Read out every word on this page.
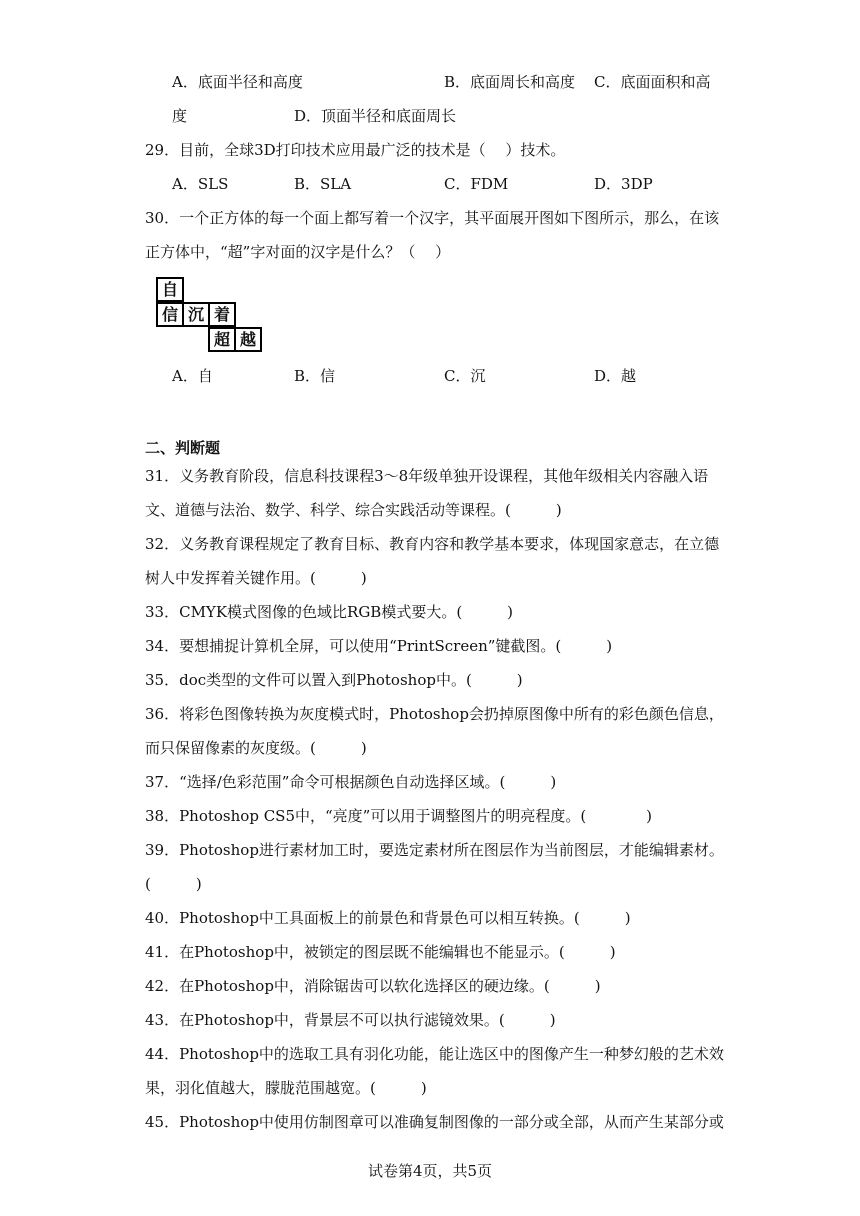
A．底面半径和高度	B．底面周长和高度 C．底面面积和高
度	D．顶面半径和底面周长
29．目前，全球3D打印技术应用最广泛的技术是（　 ）技术。
A．SLS	B．SLA	C．FDM	D．3DP
30．一个正方体的每一个面上都写着一个汉字，其平面展开图如下图所示，那么，在该
正方体中，“超”字对面的汉字是什么？（　 ）
自
信 沉 着
超 越
A．自	B．信	C．沉	D．越
二、判断题
31．义务教育阶段，信息科技课程3～8年级单独开设课程，其他年级相关内容融入语
文、道德与法治、数学、科学、综合实践活动等课程。(　　　)
32．义务教育课程规定了教育目标、教育内容和教学基本要求，体现国家意志，在立德
树人中发挥着关键作用。(　　　)
33．CMYK模式图像的色域比RGB模式要大。(　　　)
34．要想捕捉计算机全屏，可以使用“PrintScreen”键截图。(　　　)
35．doc类型的文件可以置入到Photoshop中。(　　　)
36．将彩色图像转换为灰度模式时，Photoshop会扔掉原图像中所有的彩色颜色信息，
而只保留像素的灰度级。(　　　)
37．“选择/色彩范围”命令可根据颜色自动选择区域。(　　　)
38．Photoshop CS5中，“亮度”可以用于调整图片的明亮程度。(　　　　)
39．Photoshop进行素材加工时，要选定素材所在图层作为当前图层，才能编辑素材。
(　　　)
40．Photoshop中工具面板上的前景色和背景色可以相互转换。(　　　)
41．在Photoshop中，被锁定的图层既不能编辑也不能显示。(　　　)
42．在Photoshop中，消除锯齿可以软化选择区的硬边缘。(　　　)
43．在Photoshop中，背景层不可以执行滤镜效果。(　　　)
44．Photoshop中的选取工具有羽化功能，能让选区中的图像产生一种梦幻般的艺术效
果，羽化值越大，朦胧范围越宽。(　　　)
45．Photoshop中使用仿制图章可以准确复制图像的一部分或全部，从而产生某部分或
试卷第4页，共5页
